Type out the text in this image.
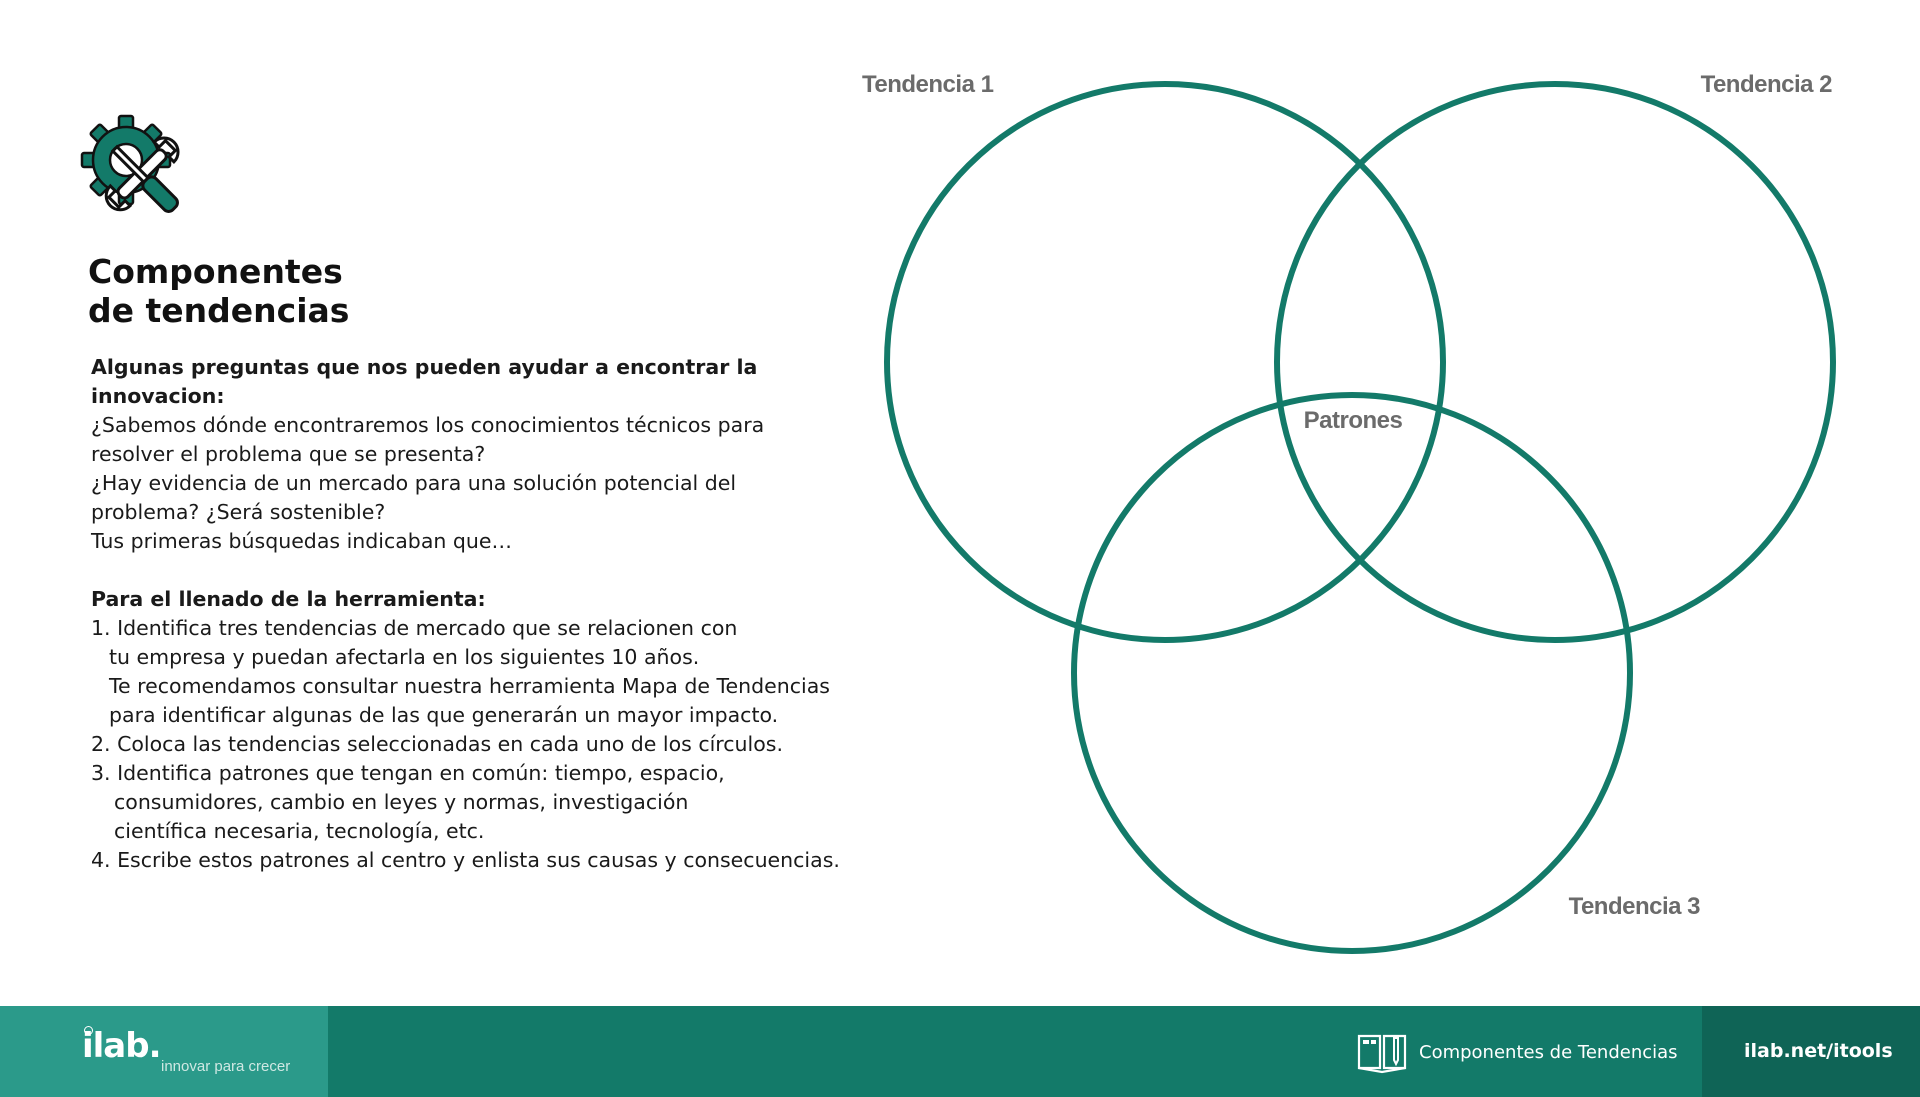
Componentes
de tendencias
Algunas preguntas que nos pueden ayudar a encontrar la
innovacion:
¿Sabemos dónde encontraremos los conocimientos técnicos para
resolver el problema que se presenta?
¿Hay evidencia de un mercado para una solución potencial del
problema? ¿Será sostenible?
Tus primeras búsquedas indicaban que…
Para el llenado de la herramienta:
1. Identifica tres tendencias de mercado que se relacionen con
tu empresa y puedan afectarla en los siguientes 10 años.
Te recomendamos consultar nuestra herramienta Mapa de Tendencias
para identificar algunas de las que generarán un mayor impacto.
2. Coloca las tendencias seleccionadas en cada uno de los círculos.
3. Identifica patrones que tengan en común: tiempo, espacio,
consumidores, cambio en leyes y normas, investigación
científica necesaria, tecnología, etc.
4. Escribe estos patrones al centro y enlista sus causas y consecuencias.
Tendencia 1	Tendencia 2
Tendencia 3
Patrones
ilab.
innovar para crecer
Componentes de Tendencias	ilab.net/itools
